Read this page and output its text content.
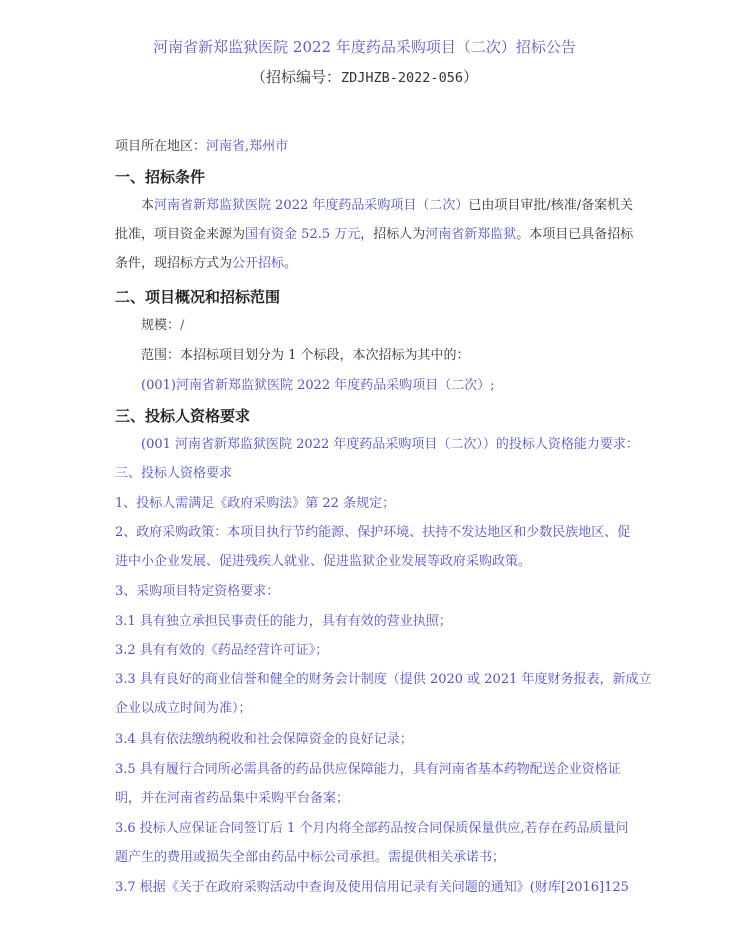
河南省新郑监狱医院 2022 年度药品采购项目（二次）招标公告
（招标编号：ZDJHZB-2022-056）
项目所在地区：河南省,郑州市
一、招标条件
本河南省新郑监狱医院 2022 年度药品采购项目（二次）已由项目审批/核准/备案机关
批准，项目资金来源为国有资金 52.5 万元，招标人为河南省新郑监狱。本项目已具备招标
条件，现招标方式为公开招标。
二、项目概况和招标范围
规模：/
范围：本招标项目划分为 1 个标段，本次招标为其中的：
(001)河南省新郑监狱医院 2022 年度药品采购项目（二次）;
三、投标人资格要求
(001 河南省新郑监狱医院 2022 年度药品采购项目（二次））的投标人资格能力要求：
三、投标人资格要求
1、投标人需满足《政府采购法》第 22 条规定；
2、政府采购政策：本项目执行节约能源、保护环境、扶持不发达地区和少数民族地区、促
进中小企业发展、促进残疾人就业、促进监狱企业发展等政府采购政策。
3、采购项目特定资格要求：
3.1 具有独立承担民事责任的能力，具有有效的营业执照；
3.2 具有有效的《药品经营许可证》；
3.3 具有良好的商业信誉和健全的财务会计制度（提供 2020 或 2021 年度财务报表，新成立
企业以成立时间为准）；
3.4 具有依法缴纳税收和社会保障资金的良好记录；
3.5 具有履行合同所必需具备的药品供应保障能力，具有河南省基本药物配送企业资格证
明，并在河南省药品集中采购平台备案；
3.6 投标人应保证合同签订后 1 个月内将全部药品按合同保质保量供应,若存在药品质量问
题产生的费用或损失全部由药品中标公司承担。需提供相关承诺书；
3.7 根据《关于在政府采购活动中查询及使用信用记录有关问题的通知》(财库[2016]125
